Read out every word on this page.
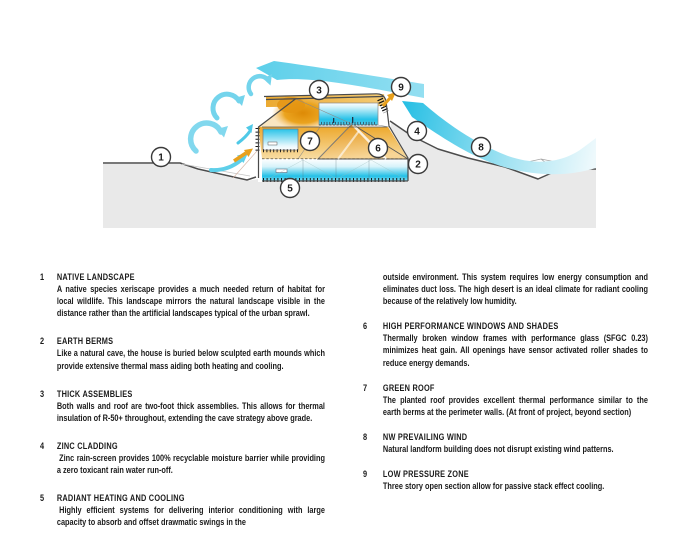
1
2
3
4
5
6
7
8
9
1	NATIVE LANDSCAPE
A native species xeriscape provides a much needed return of habitat for local wildlife. This landscape mirrors the natural landscape visible in the distance rather than the artificial landscapes typical of the urban sprawl.
2	EARTH BERMS
Like a natural cave, the house is buried below sculpted earth mounds which provide extensive thermal mass aiding both heating and cooling.
3	THICK ASSEMBLIES
Both walls and roof are two-foot thick assemblies. This allows for thermal insulation of R-50+ throughout, extending the cave strategy above grade.
4	ZINC CLADDING
Zinc rain-screen provides 100% recyclable moisture barrier while providing a zero toxicant rain water run-off.
5	RADIANT HEATING AND COOLING
Highly efficient systems for delivering interior conditioning with large capacity to absorb and offset drawmatic swings in the
outside environment. This system requires low energy consumption and eliminates duct loss. The high desert is an ideal climate for radiant cooling because of the relatively low humidity.
6	HIGH PERFORMANCE WINDOWS AND SHADES
Thermally broken window frames with performance glass (SFGC 0.23) minimizes heat gain. All openings have sensor activated roller shades to reduce energy demands.
7	GREEN ROOF
The planted roof provides excellent thermal performance similar to the earth berms at the perimeter walls. (At front of project, beyond section)
8	NW PREVAILING WIND
Natural landform building does not disrupt existing wind patterns.
9	LOW PRESSURE ZONE
Three story open section allow for passive stack effect cooling.
